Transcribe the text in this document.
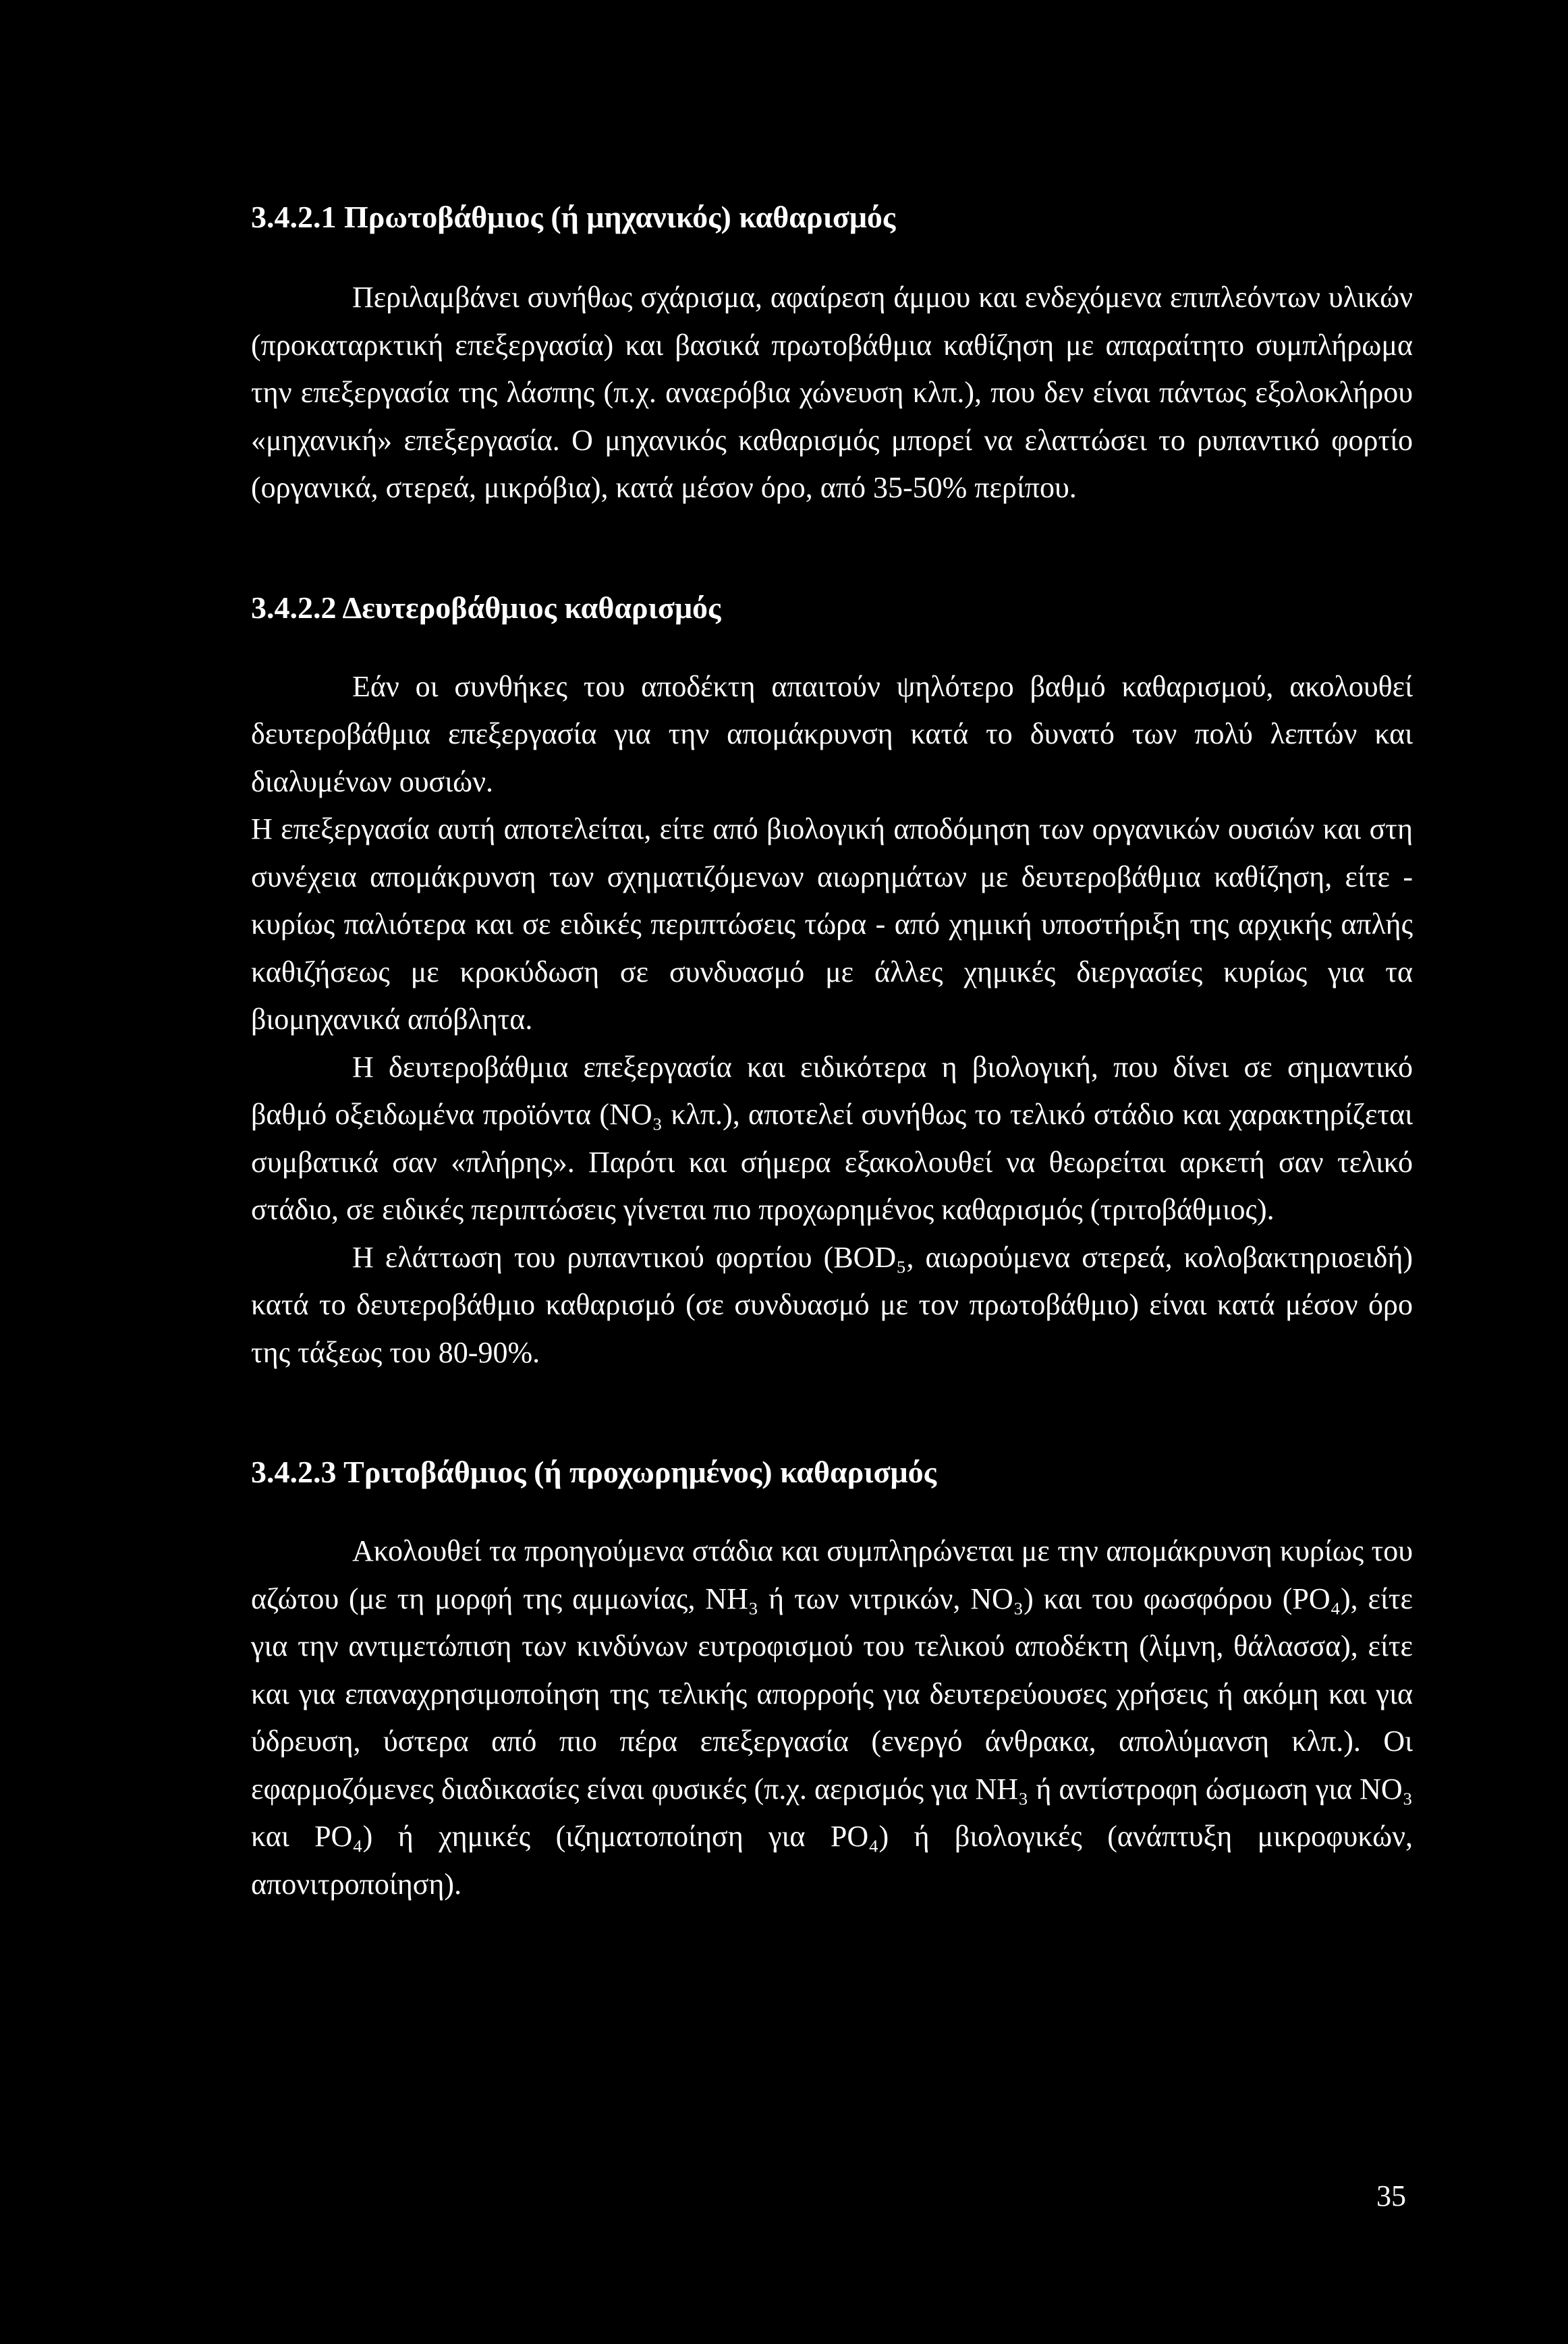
3.4.2.1 Πρωτοβάθμιος (ή μηχανικός) καθαρισμός

Περιλαμβάνει συνήθως σχάρισμα, αφαίρεση άμμου και ενδεχόμενα επιπλεόντων υλικών (προκαταρκτική επεξεργασία) και βασικά πρωτοβάθμια καθίζηση με απαραίτητο συμπλήρωμα την επεξεργασία της λάσπης (π.χ. αναερόβια χώνευση κλπ.), που δεν είναι πάντως εξολοκλήρου «μηχανική» επεξεργασία. Ο μηχανικός καθαρισμός μπορεί να ελαττώσει το ρυπαντικό φορτίο (οργανικά, στερεά, μικρόβια), κατά μέσον όρο, από 35-50% περίπου.

3.4.2.2 Δευτεροβάθμιος καθαρισμός

Εάν οι συνθήκες του αποδέκτη απαιτούν ψηλότερο βαθμό καθαρισμού, ακολουθεί δευτεροβάθμια επεξεργασία για την απομάκρυνση κατά το δυνατό των πολύ λεπτών και διαλυμένων ουσιών.

Η επεξεργασία αυτή αποτελείται, είτε από βιολογική αποδόμηση των οργανικών ουσιών και στη συνέχεια απομάκρυνση των σχηματιζόμενων αιωρημάτων με δευτεροβάθμια καθίζηση, είτε - κυρίως παλιότερα και σε ειδικές περιπτώσεις τώρα - από χημική υποστήριξη της αρχικής απλής καθιζήσεως με κροκύδωση σε συνδυασμό με άλλες χημικές διεργασίες κυρίως για τα βιομηχανικά απόβλητα.

Η δευτεροβάθμια επεξεργασία και ειδικότερα η βιολογική, που δίνει σε σημαντικό βαθμό οξειδωμένα προϊόντα (NO₃ κλπ.), αποτελεί συνήθως το τελικό στάδιο και χαρακτηρίζεται συμβατικά σαν «πλήρης». Παρότι και σήμερα εξακολουθεί να θεωρείται αρκετή σαν τελικό στάδιο, σε ειδικές περιπτώσεις γίνεται πιο προχωρημένος καθαρισμός (τριτοβάθμιος).

Η ελάττωση του ρυπαντικού φορτίου (BOD₅, αιωρούμενα στερεά, κολοβακτηριοειδή) κατά το δευτεροβάθμιο καθαρισμό (σε συνδυασμό με τον πρωτοβάθμιο) είναι κατά μέσον όρο της τάξεως του 80-90%.

3.4.2.3 Τριτοβάθμιος (ή προχωρημένος) καθαρισμός

Ακολουθεί τα προηγούμενα στάδια και συμπληρώνεται με την απομάκρυνση κυρίως του αζώτου (με τη μορφή της αμμωνίας, NH₃ ή των νιτρικών, NO₃) και του φωσφόρου (PO₄), είτε για την αντιμετώπιση των κινδύνων ευτροφισμού του τελικού αποδέκτη (λίμνη, θάλασσα), είτε και για επαναχρησιμοποίηση της τελικής απορροής για δευτερεύουσες χρήσεις ή ακόμη και για ύδρευση, ύστερα από πιο πέρα επεξεργασία (ενεργό άνθρακα, απολύμανση κλπ.). Οι εφαρμοζόμενες διαδικασίες είναι φυσικές (π.χ. αερισμός για NH₃ ή αντίστροφη ώσμωση για NO₃ και PO₄) ή χημικές (ιζηματοποίηση για PO₄) ή βιολογικές (ανάπτυξη μικροφυκών, απονιτροποίηση).

35
